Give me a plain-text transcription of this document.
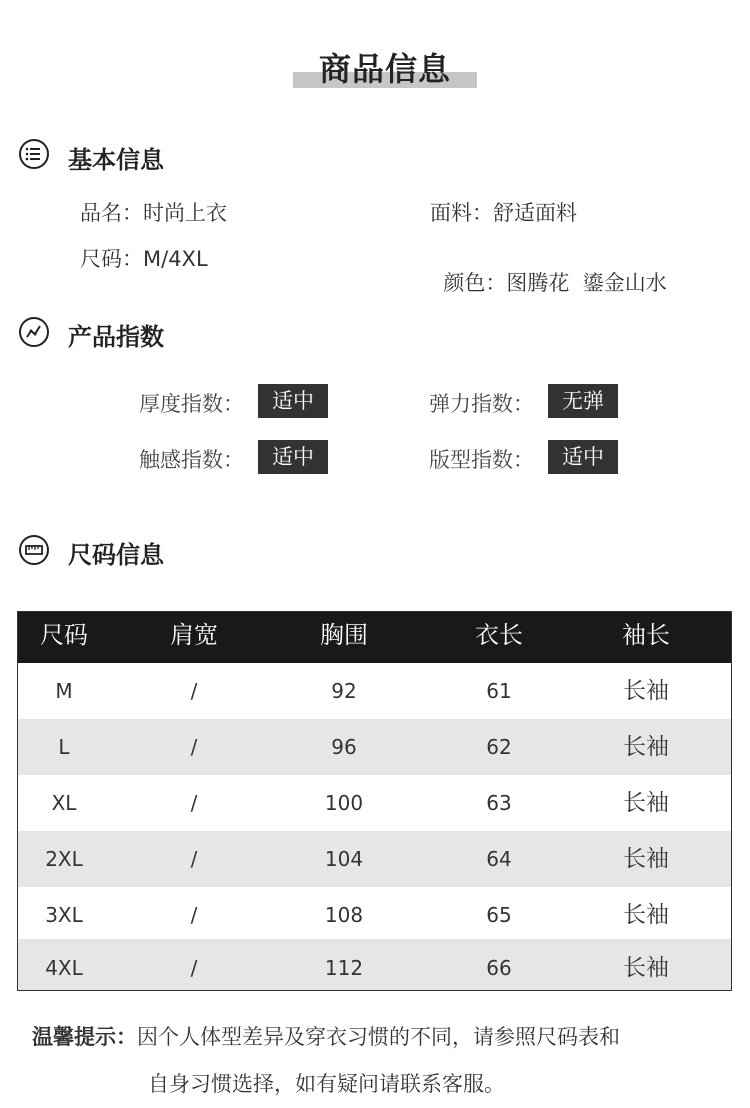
商品信息
基本信息
品名：时尚上衣	面料：舒适面料
尺码：M/4XL

颜色：图腾花  鎏金山水

产品指数
厚度指数：	适中	弹力指数：	无弹
触感指数：	适中	版型指数：	适中
尺码信息
尺码	肩宽	胸围	衣长	袖长
M	/	92	61	长袖
L	/	96	62	长袖
XL	/	100	63	长袖
2XL	/	104	64	长袖
3XL	/	108	65	长袖
4XL	/	112	66	长袖
温馨提示：因个人体型差异及穿衣习惯的不同，请参照尺码表和
自身习惯选择，如有疑问请联系客服。
